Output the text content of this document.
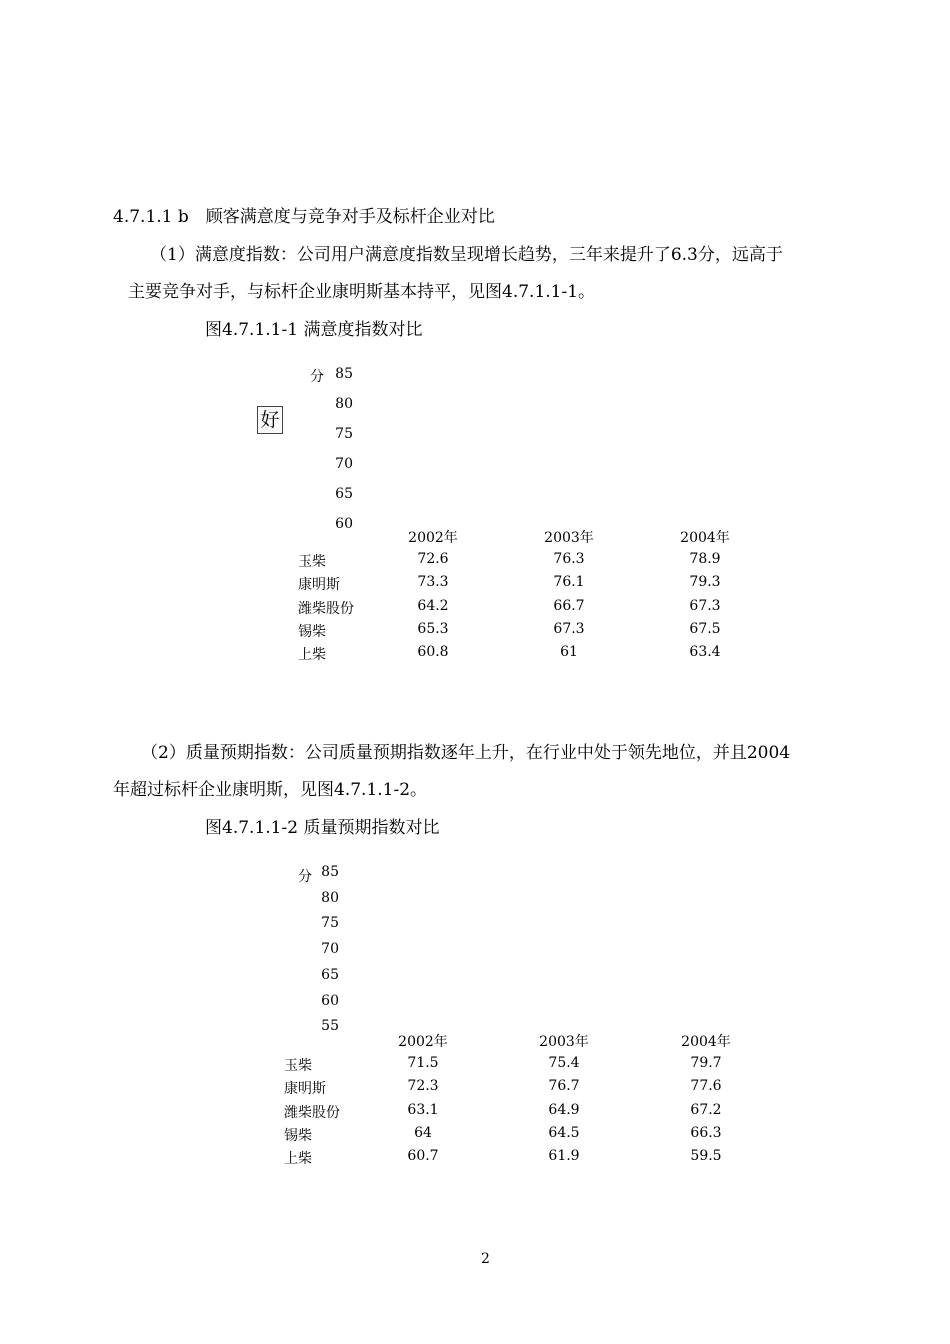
4.7.1.1 b　顾客满意度与竞争对手及标杆企业对比
（1）满意度指数：公司用户满意度指数呈现增长趋势，三年来提升了6.3分，远高于
主要竞争对手，与标杆企业康明斯基本持平，见图4.7.1.1-1。
图4.7.1.1-1 满意度指数对比
好
分 85
80
75
70
65
60
2002年	2003年	2004年
玉柴	72.6	76.3	78.9
康明斯	73.3	76.1	79.3
潍柴股份	64.2	66.7	67.3
锡柴	65.3	67.3	67.5
上柴	60.8	61	63.4
（2）质量预期指数：公司质量预期指数逐年上升，在行业中处于领先地位，并且2004
年超过标杆企业康明斯，见图4.7.1.1-2。
图4.7.1.1-2 质量预期指数对比
分 85
80
75
70
65
60
55
2002年	2003年	2004年
玉柴	71.5	75.4	79.7
康明斯	72.3	76.7	77.6
潍柴股份	63.1	64.9	67.2
锡柴	64	64.5	66.3
上柴	60.7	61.9	59.5
2
